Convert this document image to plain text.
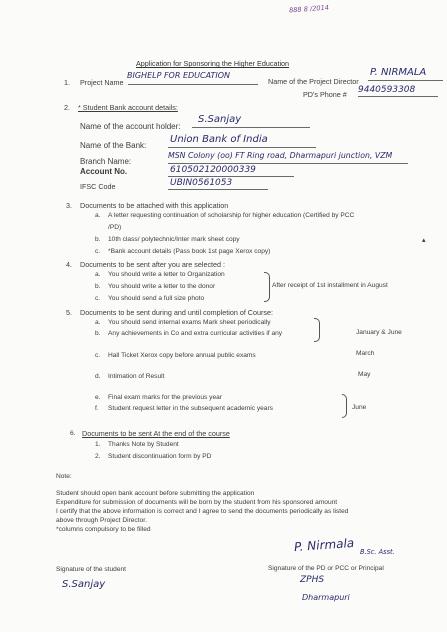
888 8 /2014
Application for Sponsoring the Higher Education
1. Project Name
BIGHELP FOR EDUCATION
Name of the Project Director
P. NIRMALA
PD's Phone # 9440593308
2. * Student Bank account details:
Name of the account holder:
S.Sanjay
Name of the Bank:
Union Bank of India
Branch Name:
MSN Colony (oo) FT Ring road, Dharmapuri junction, VZM
Account No.	610502120000339
IFSC Code	UBIN0561053
3. Documents to be attached with this application
a. A letter requesting continuation of scholarship for higher education (Certified by PCC
/PD)
b. 10th class/ polytechnic/Inter mark sheet copy
c. *Bank account details (Pass book 1st page Xerox copy)
4. Documents to be sent after you are selected :
a. You should write a letter to Organization
b. You should write a letter to the donor
c. You should send a full size photo
After receipt of 1st installment in August
5. Documents to be sent during and until completion of Course:
a. You should send internal exams Mark sheet periodically
b. Any achievements in Co and extra curricular activities if any	January & June
c. Hall Ticket Xerox copy before annual public exams	March
d. Intimation of Result	May
e. Final exam marks for the previous year
f. Student request letter in the subsequent academic years	June
6. Documents to be sent At the end of the course
1. Thanks Note by Student
2. Student discontinuation form by PD
Note:
Student should open bank account before submitting the application
Expenditure for submission of documents will be born by the student from his sponsored amount
I certify that the above information is correct and I agree to send the documents periodically as listed
above through Project Director.
*columns compulsory to be filled
P. Nirmala B.Sc. Asst.
Signature of the student	Signature of the PD or PCC or Principal
ZPHS
S.Sanjay
Dharmapuri
▴
